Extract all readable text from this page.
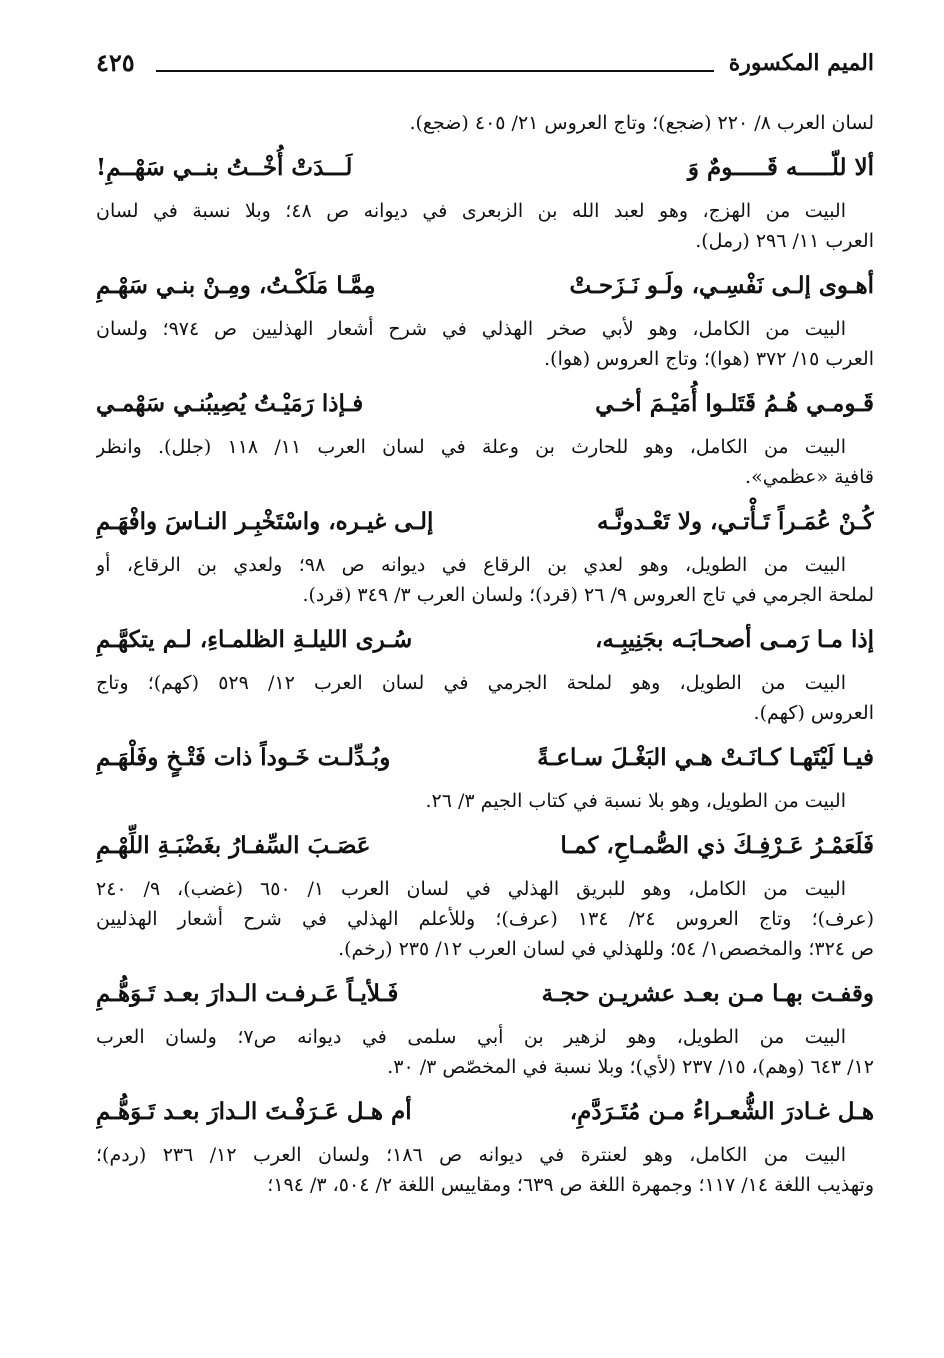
الميم المكسورة
٤٢٥
لسان العرب ٨/ ٢٢٠ (ضجع)؛ وتاج العروس ٢١/ ٤٠٥ (ضجع).
ألا للّـــــه قَـــــومٌ وَ
لَـــدَتْ أُخْــتُ بنــي سَهْــمِ!
البيت من الهزج، وهو لعبد الله بن الزبعرى في ديوانه ص ٤٨؛ وبلا نسبة في لسان
العرب ١١/ ٢٩٦ (رمل).
أهـوى إلـى نَفْسِـي، ولَـو نَـزَحـتْ
مِمَّـا مَلَكْـتُ، ومِـنْ بنـي سَهْـمِ
البيت من الكامل، وهو لأبي صخر الهذلي في شرح أشعار الهذليين ص ٩٧٤؛ ولسان
العرب ١٥/ ٣٧٢ (هوا)؛ وتاج العروس (هوا).
قَـومـي هُـمُ قَتَلـوا أُمَيْـمَ أخـي
فـإذا رَمَيْـتُ يُصِيبُنـي سَهْمـي
البيت من الكامل، وهو للحارث بن وعلة في لسان العرب ١١/ ١١٨ (جلل). وانظر
قافية «عظمي».
كُـنْ عُمَـراً تَـأْتـي، ولا تَعْـدونَّـه
إلـى غيـره، واسْتَخْبِـر النـاسَ وافْهَـمِ
البيت من الطويل، وهو لعدي بن الرقاع في ديوانه ص ٩٨؛ ولعدي بن الرقاع، أو
لملحة الجرمي في تاج العروس ٩/ ٢٦ (قرد)؛ ولسان العرب ٣/ ٣٤٩ (قرد).
إذا مـا رَمـى أصحـابَـه بجَنِيبِـه،
سُـرى الليلـةِ الظلمـاءِ، لـم يتكهَّـمِ
البيت من الطويل، وهو لملحة الجرمي في لسان العرب ١٢/ ٥٢٩ (كهم)؛ وتاج
العروس (كهم).
فيـا لَيْتَهـا كـانَـتْ هـي البَغْـلَ سـاعـةً
وبُـدِّلـت خَـوداً ذات فَتْـخٍ وفَلْهَـمِ
البيت من الطويل، وهو بلا نسبة في كتاب الجيم ٣/ ٢٦.
فَلَعَمْـرُ عَـرْفِـكَ ذي الصُّمـاحِ، كمـا
عَصَـبَ السِّفـارُ بغَضْبَـةِ اللِّهْـمِ
البيت من الكامل، وهو للبريق الهذلي في لسان العرب ١/ ٦٥٠ (غضب)، ٩/ ٢٤٠
(عرف)؛ وتاج العروس ٢٤/ ١٣٤ (عرف)؛ وللأعلم الهذلي في شرح أشعار الهذليين
ص ٣٢٤؛ والمخصص١/ ٥٤؛ وللهذلي في لسان العرب ١٢/ ٢٣٥ (رخم).
وقفـت بهـا مـن بعـد عشريـن حجـة
فَـلأيـاً عَـرفـت الـدارَ بعـد تَـوَهُّـمِ
البيت من الطويل، وهو لزهير بن أبي سلمى في ديوانه ص٧؛ ولسان العرب
١٢/ ٦٤٣ (وهم)، ١٥/ ٢٣٧ (لأي)؛ وبلا نسبة في المخصّص ٣/ ٣٠.
هـل غـادرَ الشُّعـراءُ مـن مُتَـرَدَّمِ،
أم هـل عَـرَفْـتَ الـدارَ بعـد تَـوَهُّـمِ
البيت من الكامل، وهو لعنترة في ديوانه ص ١٨٦؛ ولسان العرب ١٢/ ٢٣٦ (ردم)؛
وتهذيب اللغة ١٤/ ١١٧؛ وجمهرة اللغة ص ٦٣٩؛ ومقاييس اللغة ٢/ ٥٠٤، ٣/ ١٩٤؛
